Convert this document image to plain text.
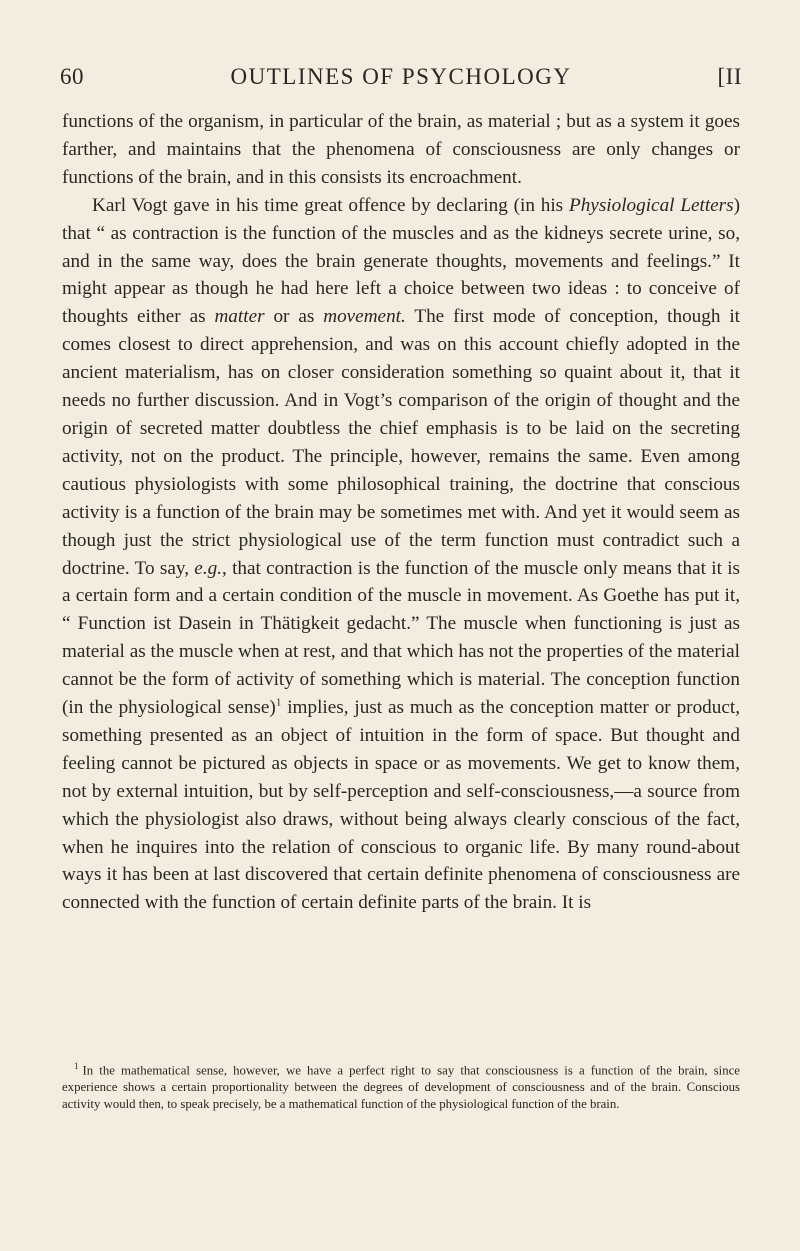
60	OUTLINES OF PSYCHOLOGY	[II

functions of the organism, in particular of the brain, as material ; but as a system it goes farther, and maintains that the phenomena of consciousness are only changes or functions of the brain, and in this consists its encroachment.

Karl Vogt gave in his time great offence by declaring (in his Physiological Letters) that “ as contraction is the function of the muscles and as the kidneys secrete urine, so, and in the same way, does the brain generate thoughts, movements and feelings.” It might appear as though he had here left a choice between two ideas : to conceive of thoughts either as matter or as movement. The first mode of conception, though it comes closest to direct apprehension, and was on this account chiefly adopted in the ancient materialism, has on closer consideration something so quaint about it, that it needs no further discussion. And in Vogt’s comparison of the origin of thought and the origin of secreted matter doubtless the chief emphasis is to be laid on the secreting activity, not on the product. The principle, however, remains the same. Even among cautious physiologists with some philosophical training, the doctrine that conscious activity is a function of the brain may be sometimes met with. And yet it would seem as though just the strict physiological use of the term function must contradict such a doctrine. To say, e.g., that contraction is the function of the muscle only means that it is a certain form and a certain condition of the muscle in movement. As Goethe has put it, “ Function ist Dasein in Thätigkeit gedacht.” The muscle when functioning is just as material as the muscle when at rest, and that which has not the properties of the material cannot be the form of activity of something which is material. The conception function (in the physiological sense)$^1$ implies, just as much as the conception matter or product, something presented as an object of intuition in the form of space. But thought and feeling cannot be pictured as objects in space or as movements. We get to know them, not by external intuition, but by self-perception and self-consciousness,—a source from which the physiologist also draws, without being always clearly conscious of the fact, when he inquires into the relation of conscious to organic life. By many round-about ways it has been at last discovered that certain definite phenomena of consciousness are connected with the function of certain definite parts of the brain. It is

$^1$ In the mathematical sense, however, we have a perfect right to say that consciousness is a function of the brain, since experience shows a certain proportionality between the degrees of development of consciousness and of the brain. Conscious activity would then, to speak precisely, be a mathematical function of the physiological function of the brain.
